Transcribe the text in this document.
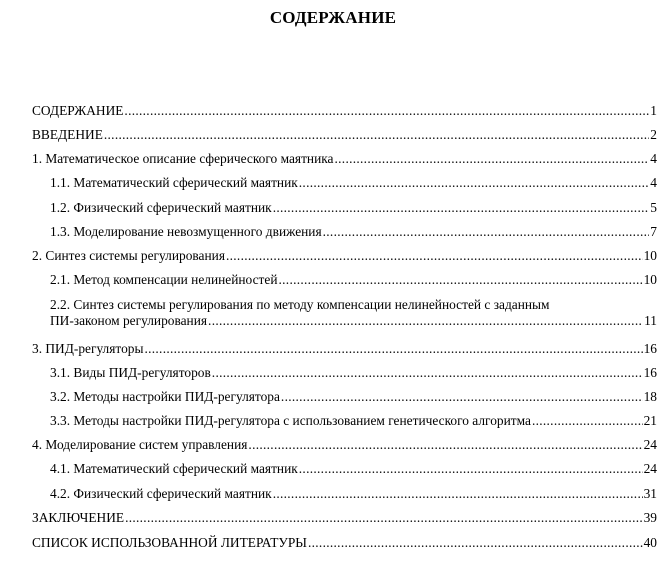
СОДЕРЖАНИЕ
СОДЕРЖАНИЕ .....	1
ВВЕДЕНИЕ .....	2
1. Математическое описание сферического маятника .....	4
1.1. Математический сферический маятник .....	4
1.2. Физический сферический маятник .....	5
1.3. Моделирование невозмущенного движения .....	7
2. Синтез системы регулирования .....	10
2.1. Метод компенсации нелинейностей .....	10
2.2. Синтез системы регулирования по методу компенсации нелинейностей с заданным
ПИ-законом регулирования .....	11
3. ПИД-регуляторы .....	16
3.1. Виды ПИД-регуляторов .....	16
3.2. Методы настройки ПИД-регулятора .....	18
3.3. Методы настройки ПИД-регулятора с использованием генетического алгоритма .....	21
4. Моделирование систем управления .....	24
4.1. Математический сферический маятник .....	24
4.2. Физический сферический маятник .....	31
ЗАКЛЮЧЕНИЕ .....	39
СПИСОК ИСПОЛЬЗОВАННОЙ ЛИТЕРАТУРЫ .....	40
